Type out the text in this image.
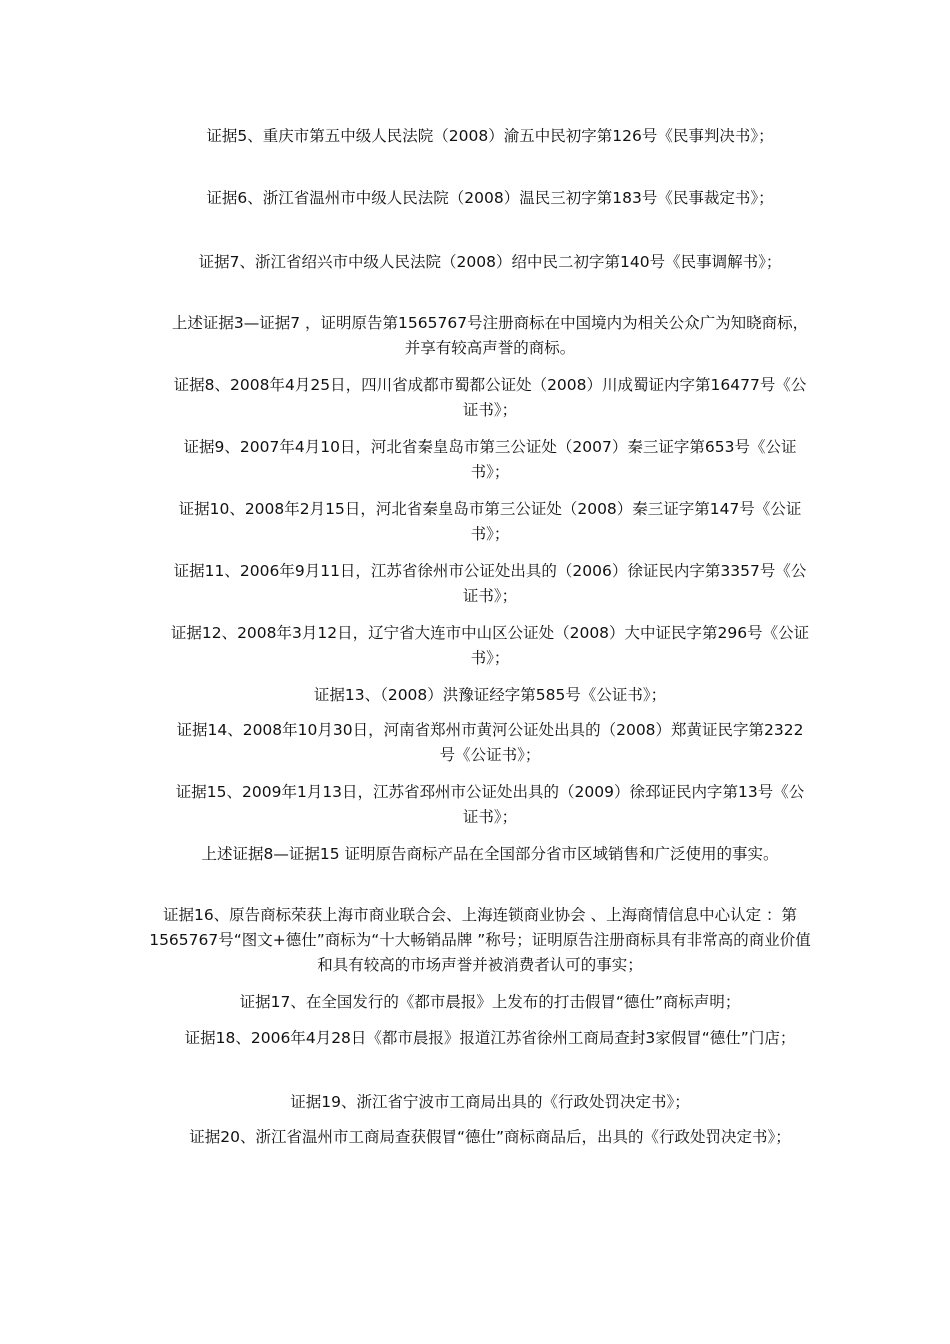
证据5、重庆市第五中级人民法院（2008）渝五中民初字第126号《民事判决书》；

证据6、浙江省温州市中级人民法院（2008）温民三初字第183号《民事裁定书》；

证据7、浙江省绍兴市中级人民法院（2008）绍中民二初字第140号《民事调解书》；

上述证据3—证据7 ，证明原告第1565767号注册商标在中国境内为相关公众广为知晓商标，并享有较高声誉的商标。

证据8、2008年4月25日，四川省成都市蜀都公证处（2008）川成蜀证内字第16477号《公证书》；

证据9、2007年4月10日，河北省秦皇岛市第三公证处（2007）秦三证字第653号《公证书》；

证据10、2008年2月15日，河北省秦皇岛市第三公证处（2008）秦三证字第147号《公证书》；

证据11、2006年9月11日，江苏省徐州市公证处出具的（2006）徐证民内字第3357号《公证书》；

证据12、2008年3月12日，辽宁省大连市中山区公证处（2008）大中证民字第296号《公证书》；

证据13、（2008）洪豫证经字第585号《公证书》；

证据14、2008年10月30日，河南省郑州市黄河公证处出具的（2008）郑黄证民字第2322号《公证书》；

证据15、2009年1月13日，江苏省邳州市公证处出具的（2009）徐邳证民内字第13号《公证书》；

上述证据8—证据15 证明原告商标产品在全国部分省市区域销售和广泛使用的事实。

证据16、原告商标荣获上海市商业联合会、上海连锁商业协会 、上海商情信息中心认定 ：第1565767号“图文+德仕”商标为“十大畅销品牌 ”称号；证明原告注册商标具有非常高的商业价值和具有较高的市场声誉并被消费者认可的事实；

证据17、在全国发行的《都市晨报》上发布的打击假冒“德仕”商标声明；

证据18、2006年4月28日《都市晨报》报道江苏省徐州工商局查封3家假冒“德仕”门店；

证据19、浙江省宁波市工商局出具的《行政处罚决定书》；

证据20、浙江省温州市工商局查获假冒“德仕”商标商品后，出具的《行政处罚决定书》；
